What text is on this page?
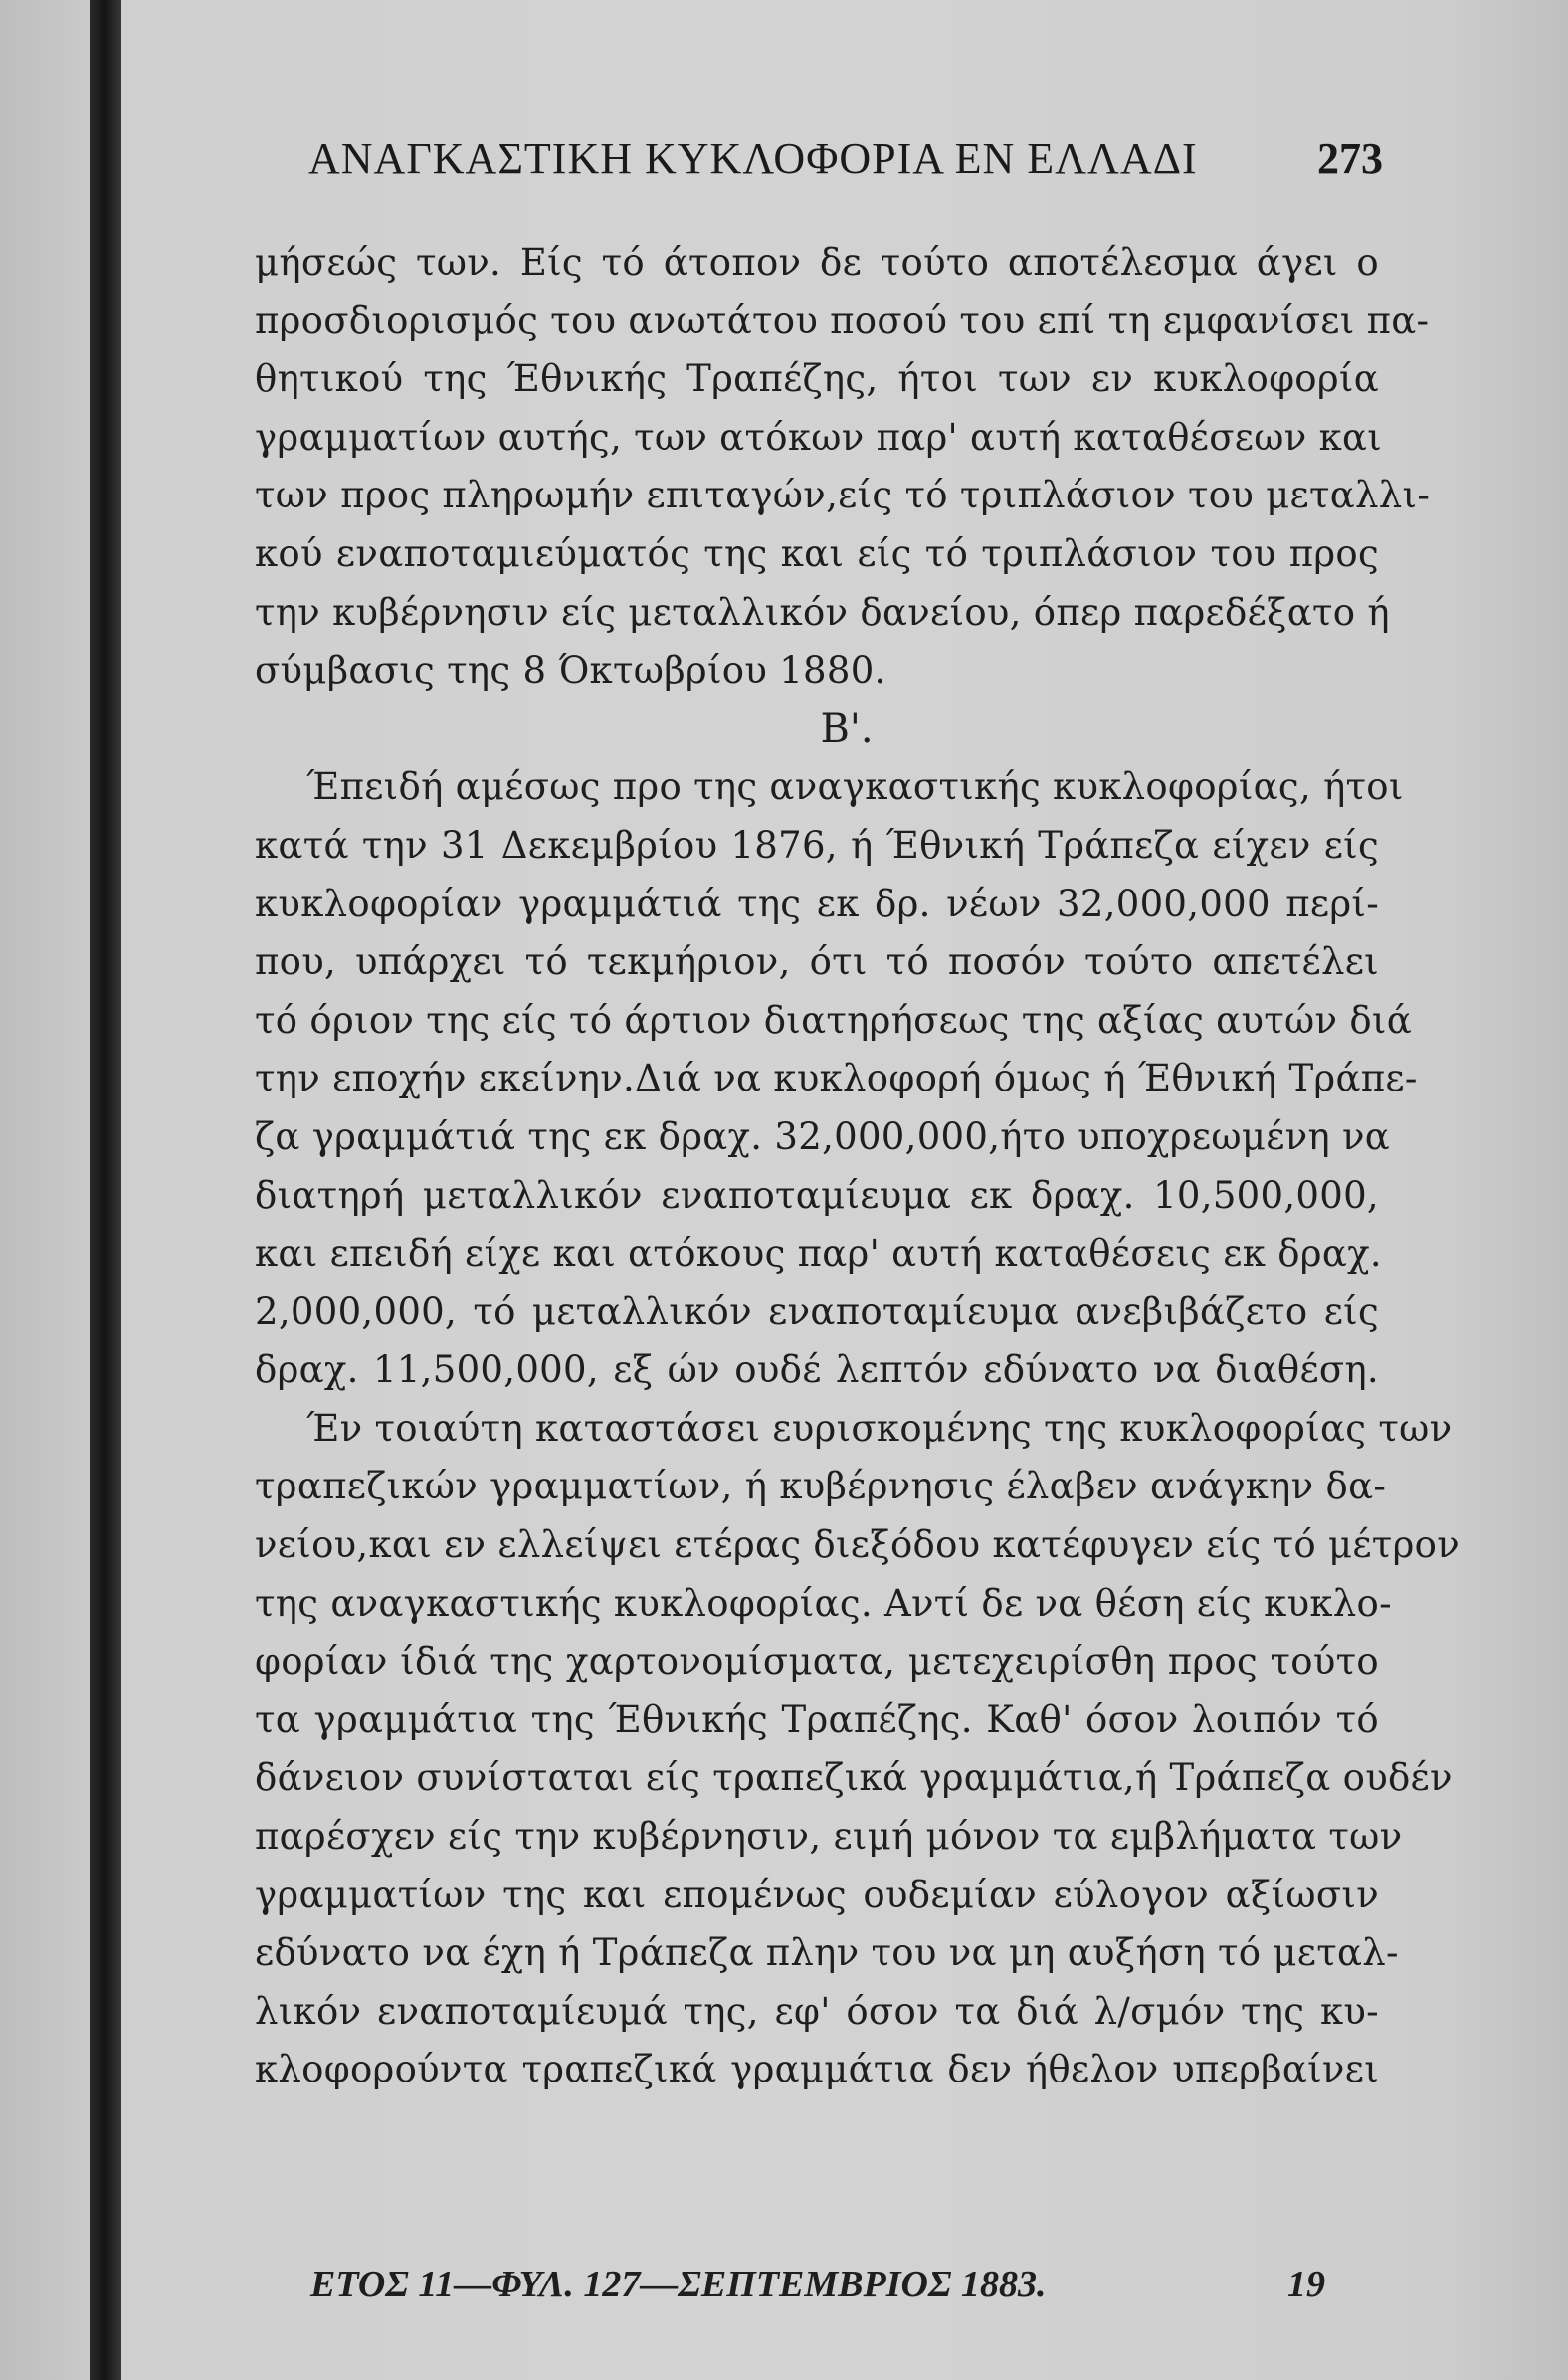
ΑΝΑΓΚΑΣΤΙΚΗ ΚΥΚΛΟΦΟΡΙΑ ΕΝ ΕΛΛΑΔΙ	273
μήσεώς των. Είς τό άτοπον δε τούτο αποτέλεσμα άγει ο
προσδιορισμός του ανωτάτου ποσού του επί τη εμφανίσει πα-
θητικού της Έθνικής Τραπέζης, ήτοι των εν κυκλοφορία
γραμματίων αυτής, των ατόκων παρ' αυτή καταθέσεων και
των προς πληρωμήν επιταγών,είς τό τριπλάσιον του μεταλλι-
κού εναποταμιεύματός της και είς τό τριπλάσιον του προς
την κυβέρνησιν είς μεταλλικόν δανείου, όπερ παρεδέξατο ή
σύμβασις της 8 Όκτωβρίου 1880.
Β'.
Έπειδή αμέσως προ της αναγκαστικής κυκλοφορίας, ήτοι
κατά την 31 Δεκεμβρίου 1876, ή Έθνική Τράπεζα είχεν είς
κυκλοφορίαν γραμμάτιά της εκ δρ. νέων 32,000,000 περί-
που, υπάρχει τό τεκμήριον, ότι τό ποσόν τούτο απετέλει
τό όριον της είς τό άρτιον διατηρήσεως της αξίας αυτών διά
την εποχήν εκείνην.Διά να κυκλοφορή όμως ή Έθνική Τράπε-
ζα γραμμάτιά της εκ δραχ. 32,000,000,ήτο υποχρεωμένη να
διατηρή μεταλλικόν εναποταμίευμα εκ δραχ. 10,500,000,
και επειδή είχε και ατόκους παρ' αυτή καταθέσεις εκ δραχ.
2,000,000, τό μεταλλικόν εναποταμίευμα ανεβιβάζετο είς
δραχ. 11,500,000, εξ ών ουδέ λεπτόν εδύνατο να διαθέση.
Έν τοιαύτη καταστάσει ευρισκομένης της κυκλοφορίας των
τραπεζικών γραμματίων, ή κυβέρνησις έλαβεν ανάγκην δα-
νείου,και εν ελλείψει ετέρας διεξόδου κατέφυγεν είς τό μέτρον
της αναγκαστικής κυκλοφορίας. Αντί δε να θέση είς κυκλο-
φορίαν ίδιά της χαρτονομίσματα, μετεχειρίσθη προς τούτο
τα γραμμάτια της Έθνικής Τραπέζης. Καθ' όσον λοιπόν τό
δάνειον συνίσταται είς τραπεζικά γραμμάτια,ή Τράπεζα ουδέν
παρέσχεν είς την κυβέρνησιν, ειμή μόνον τα εμβλήματα των
γραμματίων της και επομένως ουδεμίαν εύλογον αξίωσιν
εδύνατο να έχη ή Τράπεζα πλην του να μη αυξήση τό μεταλ-
λικόν εναποταμίευμά της, εφ' όσον τα διά λ/σμόν της κυ-
κλοφορούντα τραπεζικά γραμμάτια δεν ήθελον υπερβαίνει
ΕΤΟΣ 11—ΦΥΛ. 127—ΣΕΠΤΕΜΒΡΙΟΣ 1883.	19
